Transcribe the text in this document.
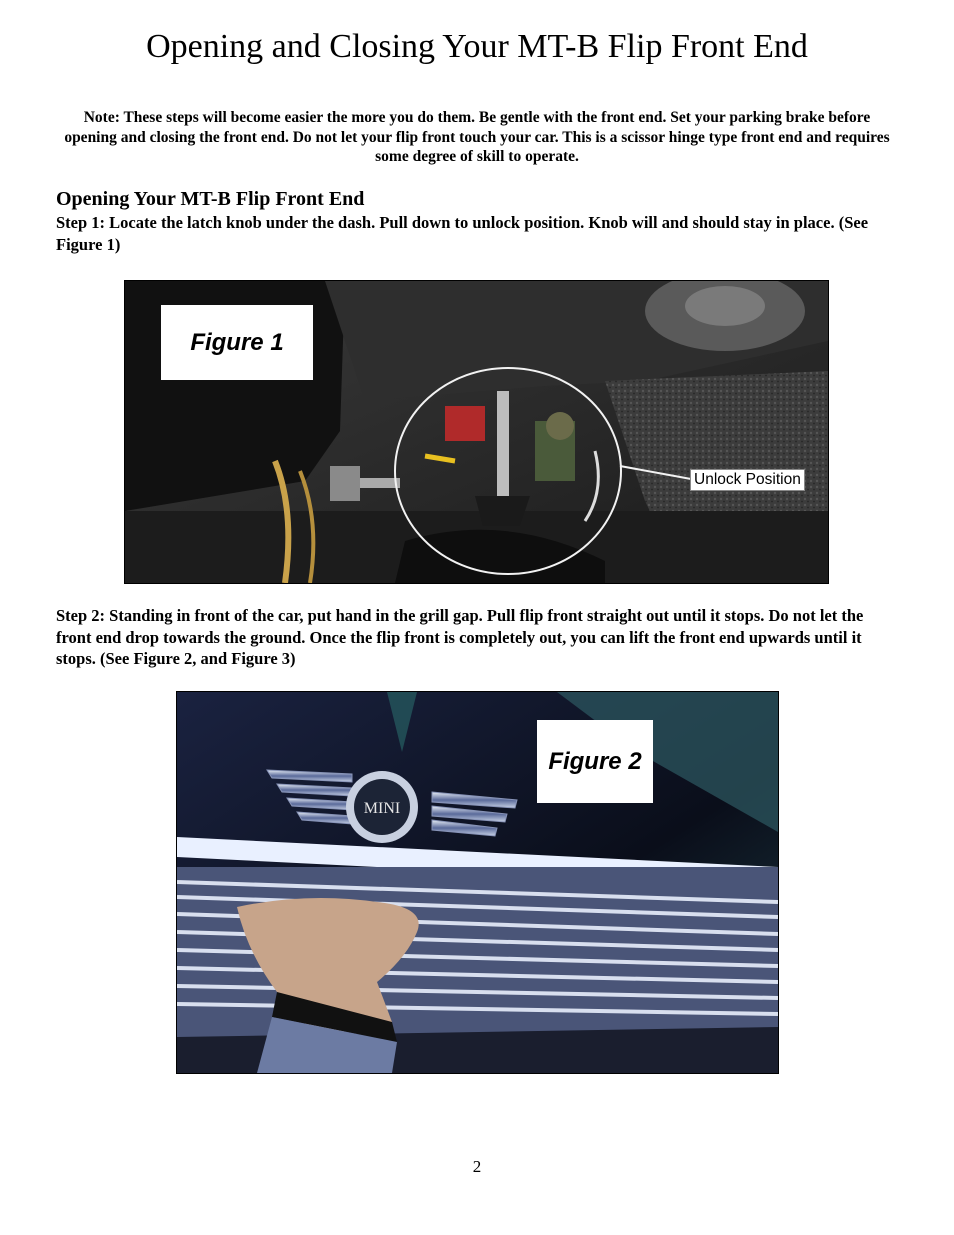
Opening and Closing Your MT-B Flip Front End

Note: These steps will become easier the more you do them. Be gentle with the front end. Set your parking brake before opening and closing the front end. Do not let your flip front touch your car. This is a scissor hinge type front end and requires some degree of skill to operate.

Opening Your MT-B Flip Front End

Step 1: Locate the latch knob under the dash. Pull down to unlock position. Knob will and should stay in place. (See Figure 1)

Figure 1
Unlock Position

Step 2: Standing in front of the car, put hand in the grill gap. Pull flip front straight out until it stops. Do not let the front end drop towards the ground. Once the flip front is completely out, you can lift the front end upwards until it stops. (See Figure 2, and Figure 3)

MINI
Figure 2
2
